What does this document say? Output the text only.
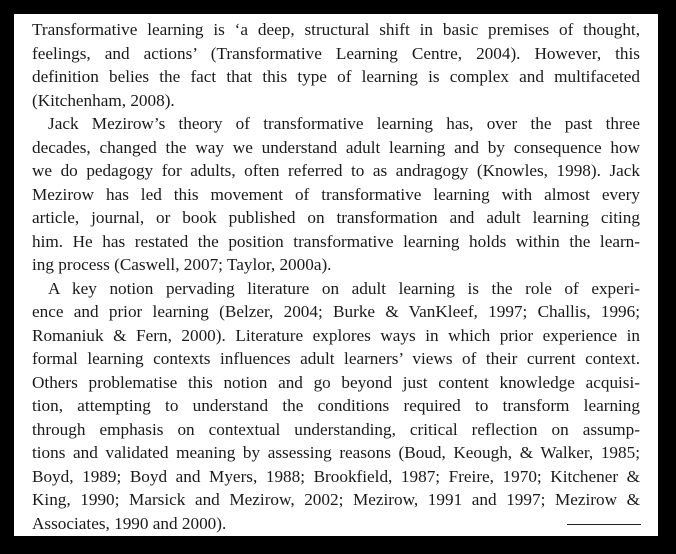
Transformative learning is ‘a deep, structural shift in basic premises of thought,
feelings, and actions’ (Transformative Learning Centre, 2004). However, this
definition belies the fact that this type of learning is complex and multifaceted
(Kitchenham, 2008).
Jack Mezirow’s theory of transformative learning has, over the past three
decades, changed the way we understand adult learning and by consequence how
we do pedagogy for adults, often referred to as andragogy (Knowles, 1998). Jack
Mezirow has led this movement of transformative learning with almost every
article, journal, or book published on transformation and adult learning citing
him. He has restated the position transformative learning holds within the learn-
ing process (Caswell, 2007; Taylor, 2000a).
A key notion pervading literature on adult learning is the role of experi-
ence and prior learning (Belzer, 2004; Burke & VanKleef, 1997; Challis, 1996;
Romaniuk & Fern, 2000). Literature explores ways in which prior experience in
formal learning contexts influences adult learners’ views of their current context.
Others problematise this notion and go beyond just content knowledge acquisi-
tion, attempting to understand the conditions required to transform learning
through emphasis on contextual understanding, critical reflection on assump-
tions and validated meaning by assessing reasons (Boud, Keough, & Walker, 1985;
Boyd, 1989; Boyd and Myers, 1988; Brookfield, 1987; Freire, 1970; Kitchener &
King, 1990; Marsick and Mezirow, 2002; Mezirow, 1991 and 1997; Mezirow &
Associates, 1990 and 2000).
